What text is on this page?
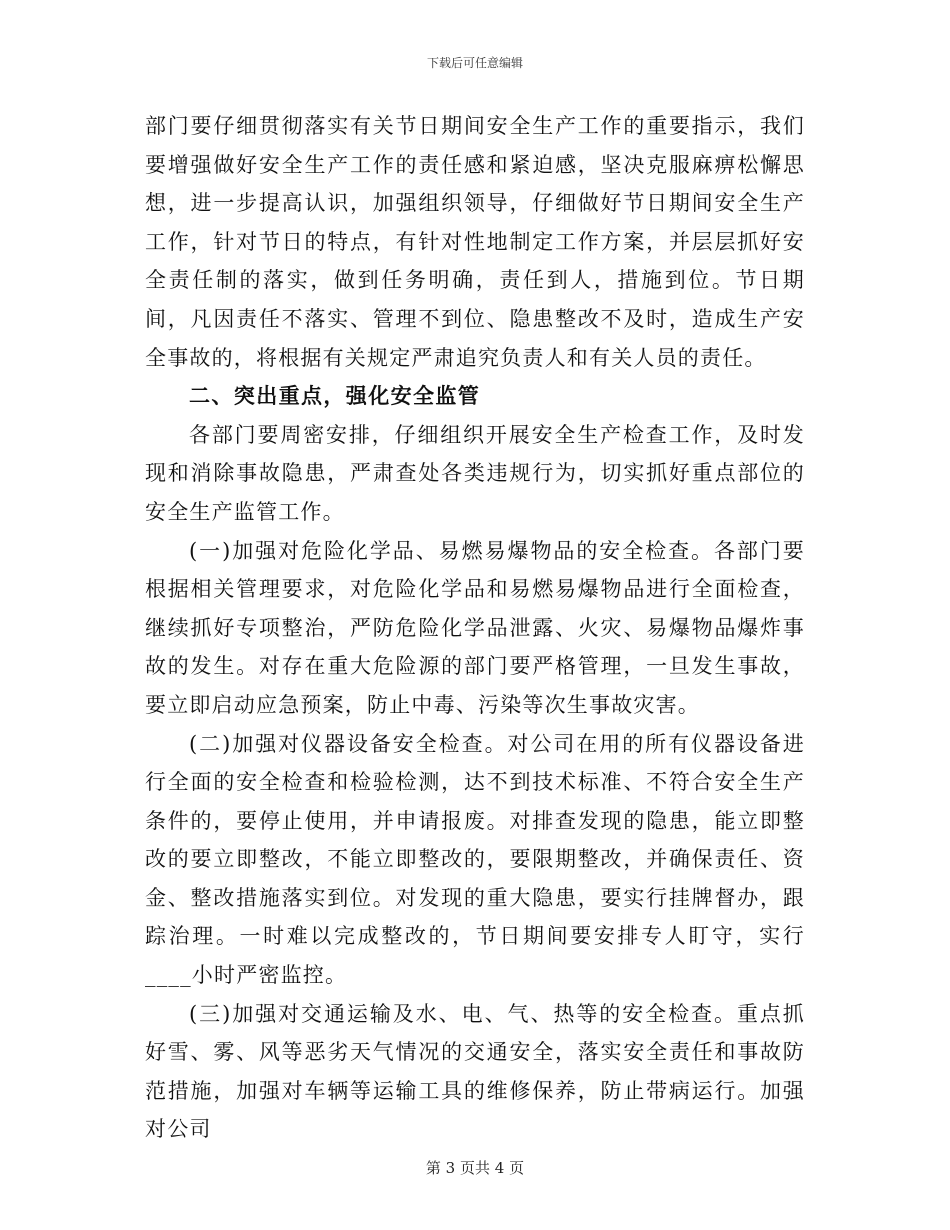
下载后可任意编辑

部门要仔细贯彻落实有关节日期间安全生产工作的重要指示，我们要增强做好安全生产工作的责任感和紧迫感，坚决克服麻痹松懈思想，进一步提高认识，加强组织领导，仔细做好节日期间安全生产工作，针对节日的特点，有针对性地制定工作方案，并层层抓好安全责任制的落实，做到任务明确，责任到人，措施到位。节日期间，凡因责任不落实、管理不到位、隐患整改不及时，造成生产安全事故的，将根据有关规定严肃追究负责人和有关人员的责任。

二、突出重点，强化安全监管

各部门要周密安排，仔细组织开展安全生产检查工作，及时发现和消除事故隐患，严肃查处各类违规行为，切实抓好重点部位的安全生产监管工作。

(一)加强对危险化学品、易燃易爆物品的安全检查。各部门要根据相关管理要求，对危险化学品和易燃易爆物品进行全面检查，继续抓好专项整治，严防危险化学品泄露、火灾、易爆物品爆炸事故的发生。对存在重大危险源的部门要严格管理，一旦发生事故，要立即启动应急预案，防止中毒、污染等次生事故灾害。

(二)加强对仪器设备安全检查。对公司在用的所有仪器设备进行全面的安全检查和检验检测，达不到技术标准、不符合安全生产条件的，要停止使用，并申请报废。对排查发现的隐患，能立即整改的要立即整改，不能立即整改的，要限期整改，并确保责任、资金、整改措施落实到位。对发现的重大隐患，要实行挂牌督办，跟踪治理。一时难以完成整改的，节日期间要安排专人盯守，实行____小时严密监控。

(三)加强对交通运输及水、电、气、热等的安全检查。重点抓好雪、雾、风等恶劣天气情况的交通安全，落实安全责任和事故防范措施，加强对车辆等运输工具的维修保养，防止带病运行。加强对公司

第 3 页共 4 页
